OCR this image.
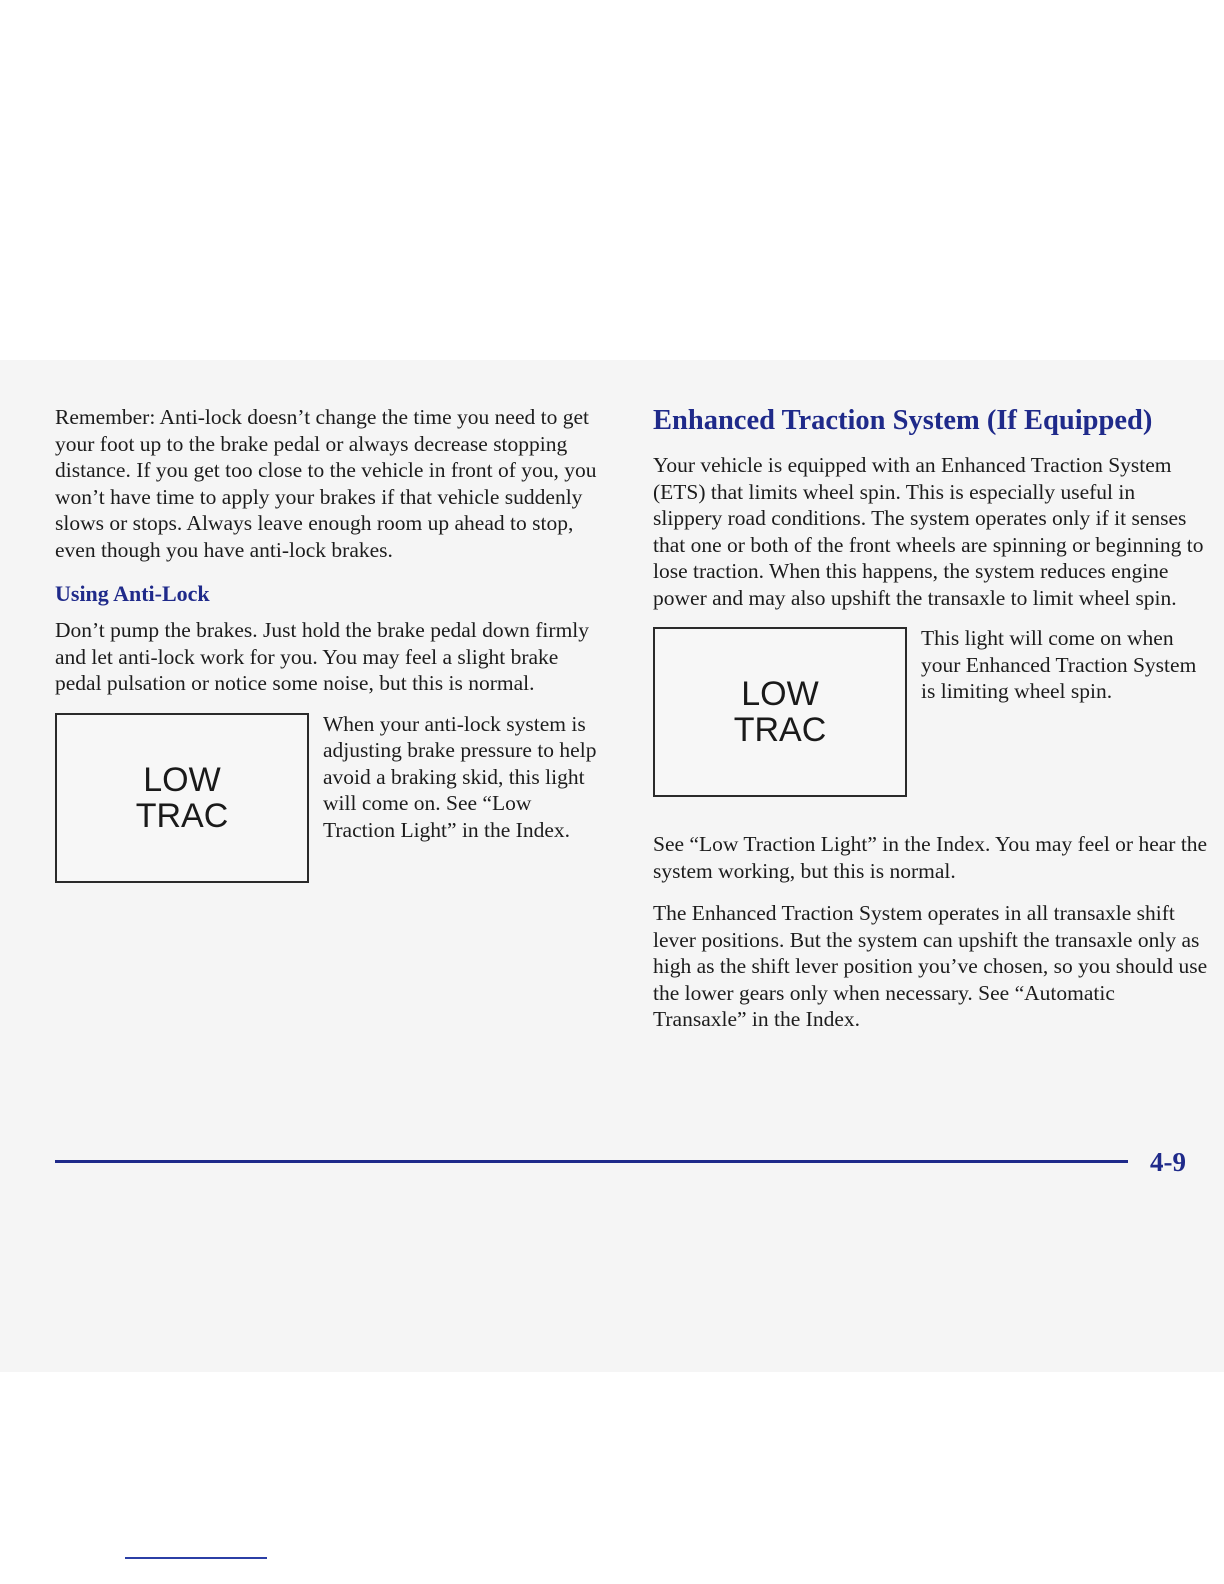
Remember: Anti-lock doesn’t change the time you need to get your foot up to the brake pedal or always decrease stopping distance. If you get too close to the vehicle in front of you, you won’t have time to apply your brakes if that vehicle suddenly slows or stops. Always leave enough room up ahead to stop, even though you have anti-lock brakes.

Using Anti-Lock

Don’t pump the brakes. Just hold the brake pedal down firmly and let anti-lock work for you. You may feel a slight brake pedal pulsation or notice some noise, but this is normal.

LOW
TRAC

When your anti-lock system is adjusting brake pressure to help avoid a braking skid, this light will come on. See “Low Traction Light” in the Index.

Enhanced Traction System (If Equipped)

Your vehicle is equipped with an Enhanced Traction System (ETS) that limits wheel spin. This is especially useful in slippery road conditions. The system operates only if it senses that one or both of the front wheels are spinning or beginning to lose traction. When this happens, the system reduces engine power and may also upshift the transaxle to limit wheel spin.

LOW
TRAC

This light will come on when your Enhanced Traction System is limiting wheel spin.

See “Low Traction Light” in the Index. You may feel or hear the system working, but this is normal.

The Enhanced Traction System operates in all transaxle shift lever positions. But the system can upshift the transaxle only as high as the shift lever position you’ve chosen, so you should use the lower gears only when necessary. See “Automatic Transaxle” in the Index.

4-9
